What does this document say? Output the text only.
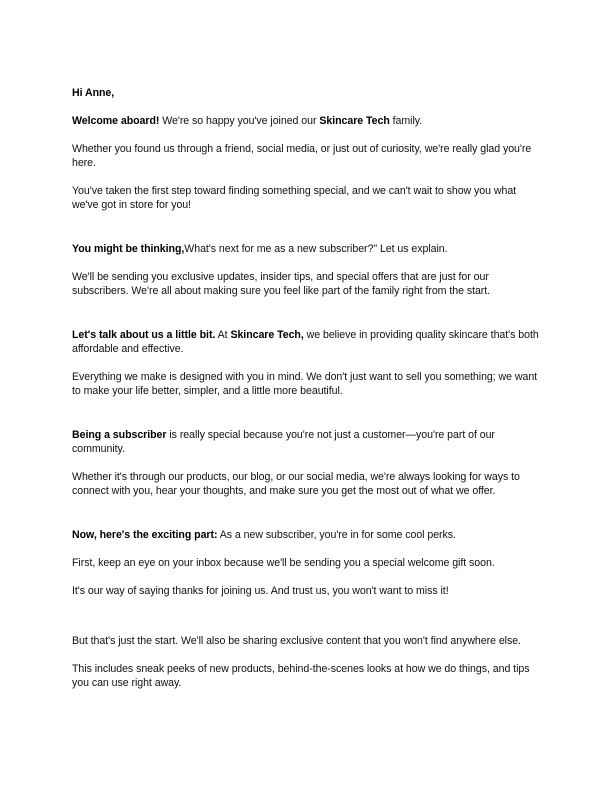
Hi Anne,

Welcome aboard! We're so happy you've joined our Skincare Tech family.

Whether you found us through a friend, social media, or just out of curiosity, we're really glad you're here.

You've taken the first step toward finding something special, and we can't wait to show you what we've got in store for you!

You might be thinking,What's next for me as a new subscriber?" Let us explain.

We'll be sending you exclusive updates, insider tips, and special offers that are just for our subscribers. We're all about making sure you feel like part of the family right from the start.

Let's talk about us a little bit. At Skincare Tech, we believe in providing quality skincare that's both affordable and effective.

Everything we make is designed with you in mind. We don't just want to sell you something; we want to make your life better, simpler, and a little more beautiful.

Being a subscriber is really special because you're not just a customer—you're part of our community.

Whether it's through our products, our blog, or our social media, we're always looking for ways to connect with you, hear your thoughts, and make sure you get the most out of what we offer.

Now, here's the exciting part: As a new subscriber, you're in for some cool perks.

First, keep an eye on your inbox because we'll be sending you a special welcome gift soon.

It's our way of saying thanks for joining us. And trust us, you won't want to miss it!

But that's just the start. We'll also be sharing exclusive content that you won't find anywhere else.

This includes sneak peeks of new products, behind-the-scenes looks at how we do things, and tips you can use right away.
